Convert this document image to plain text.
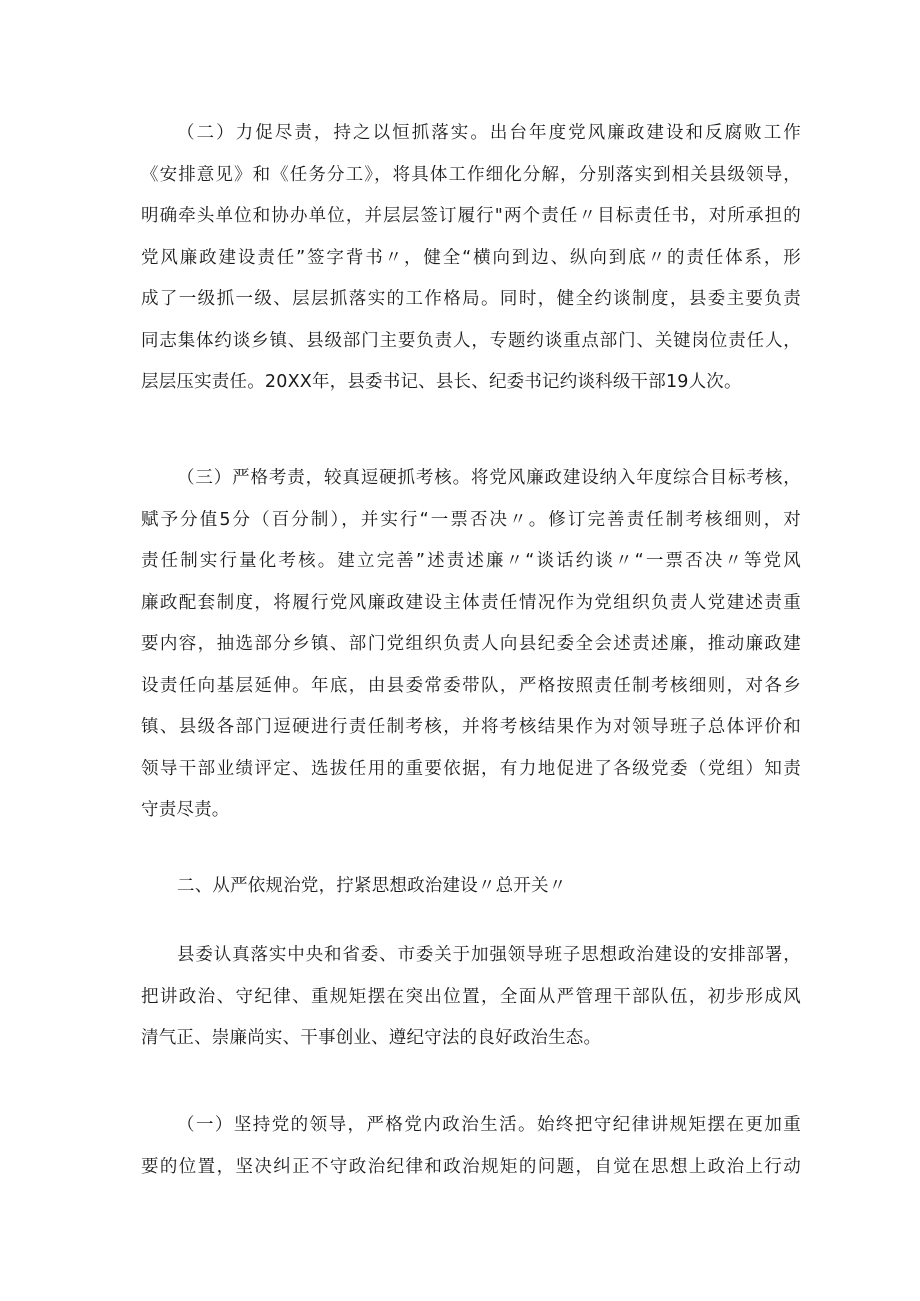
（二）力促尽责，持之以恒抓落实。出台年度党风廉政建设和反腐败工作
《安排意见》和《任务分工》，将具体工作细化分解，分别落实到相关县级领导，
明确牵头单位和协办单位，并层层签订履行"两个责任〃目标责任书，对所承担的
党风廉政建设责任”签字背书〃，健全“横向到边、纵向到底〃的责任体系，形
成了一级抓一级、层层抓落实的工作格局。同时，健全约谈制度，县委主要负责
同志集体约谈乡镇、县级部门主要负责人，专题约谈重点部门、关键岗位责任人，
层层压实责任。20XX年，县委书记、县长、纪委书记约谈科级干部19人次。
（三）严格考责，较真逗硬抓考核。将党风廉政建设纳入年度综合目标考核，
赋予分值5分（百分制），并实行“一票否决〃。修订完善责任制考核细则，对
责任制实行量化考核。建立完善”述责述廉〃“谈话约谈〃“一票否决〃等党风
廉政配套制度，将履行党风廉政建设主体责任情况作为党组织负责人党建述责重
要内容，抽选部分乡镇、部门党组织负责人向县纪委全会述责述廉，推动廉政建
设责任向基层延伸。年底，由县委常委带队，严格按照责任制考核细则，对各乡
镇、县级各部门逗硬进行责任制考核，并将考核结果作为对领导班子总体评价和
领导干部业绩评定、选拔任用的重要依据，有力地促进了各级党委（党组）知责
守责尽责。
二、从严依规治党，拧紧思想政治建设〃总开关〃
县委认真落实中央和省委、市委关于加强领导班子思想政治建设的安排部署，
把讲政治、守纪律、重规矩摆在突出位置，全面从严管理干部队伍，初步形成风
清气正、崇廉尚实、干事创业、遵纪守法的良好政治生态。
（一）坚持党的领导，严格党内政治生活。始终把守纪律讲规矩摆在更加重
要的位置，坚决纠正不守政治纪律和政治规矩的问题，自觉在思想上政治上行动
